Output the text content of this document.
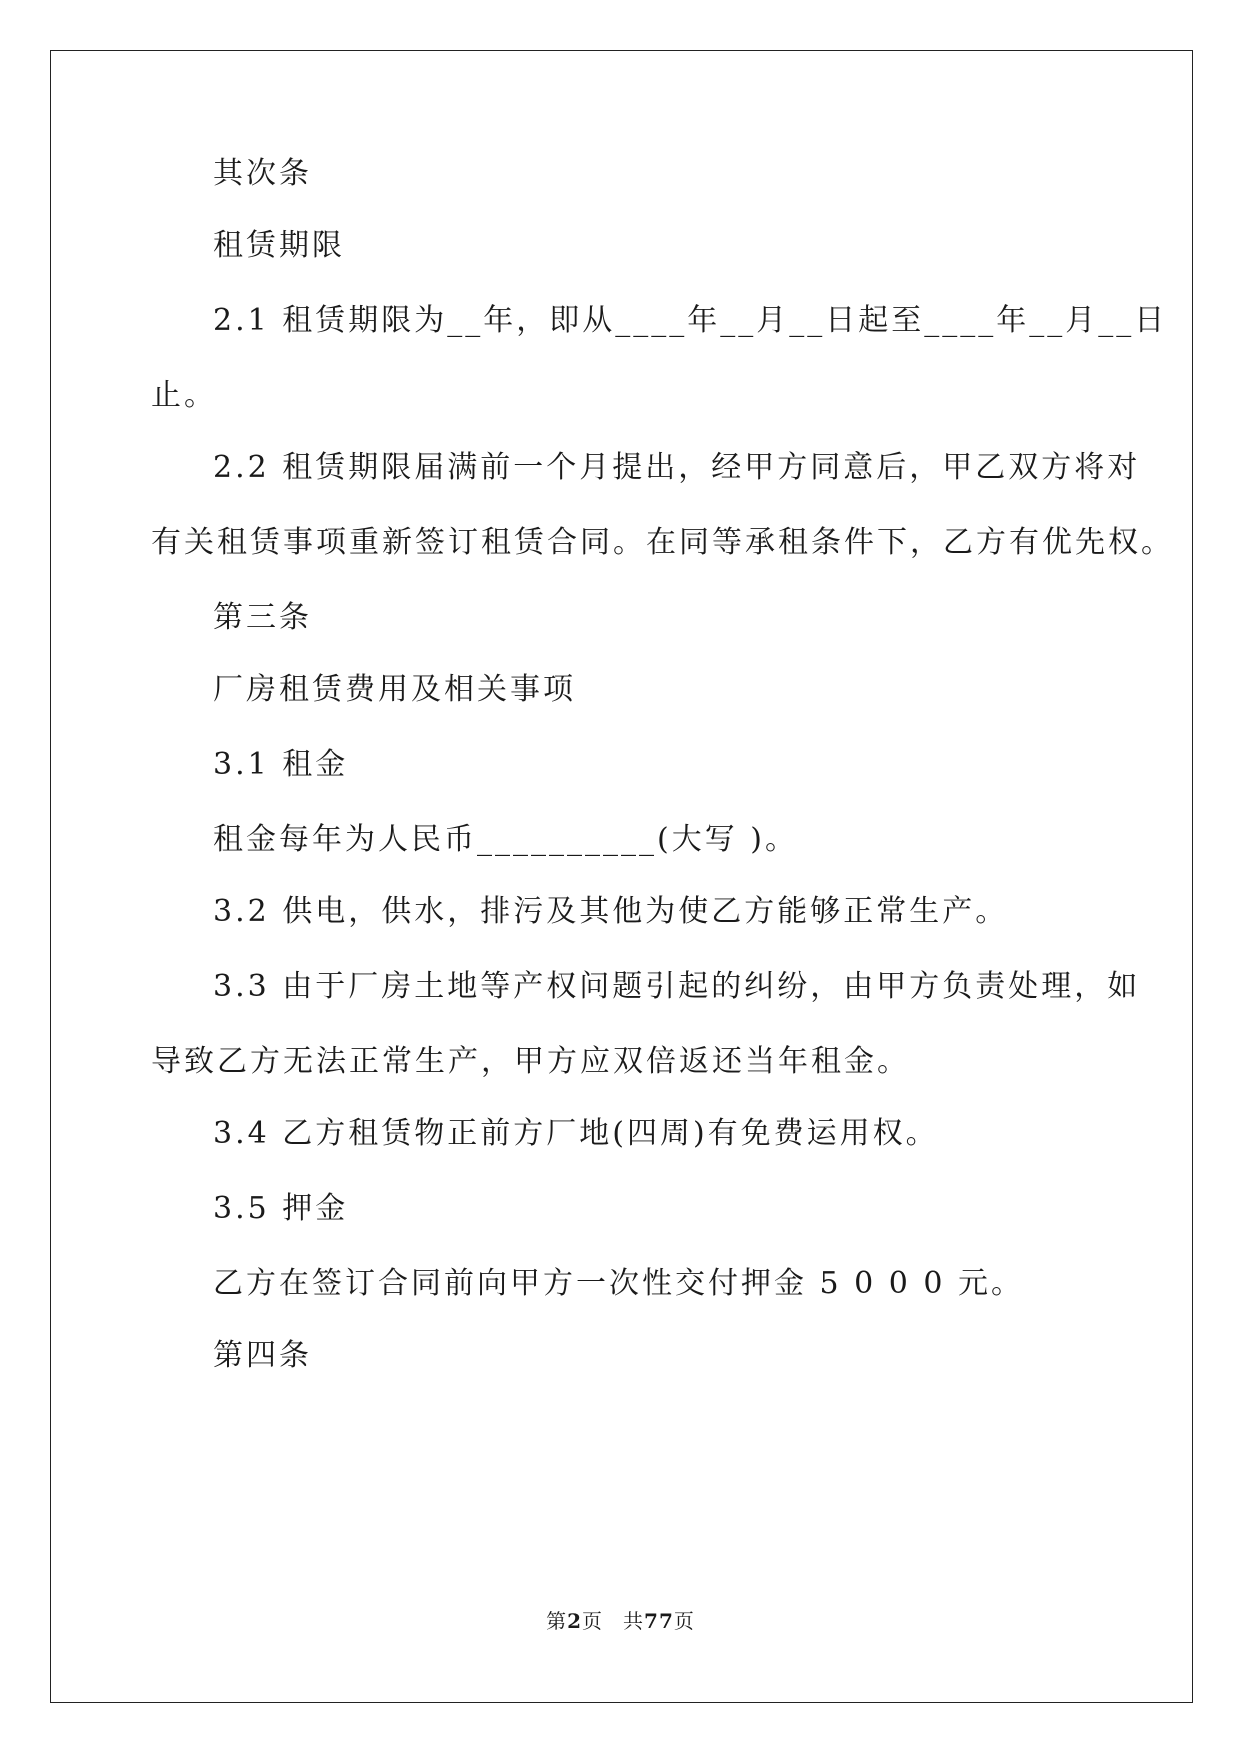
其次条
租赁期限
2.1 租赁期限为__年，即从____年__月__日起至____年__月__日
止。
2.2 租赁期限届满前一个月提出，经甲方同意后，甲乙双方将对
有关租赁事项重新签订租赁合同。在同等承租条件下，乙方有优先权。
第三条
厂房租赁费用及相关事项
3.1 租金
租金每年为人民币__________(大写 )。
3.2 供电，供水，排污及其他为使乙方能够正常生产。
3.3 由于厂房土地等产权问题引起的纠纷，由甲方负责处理，如
导致乙方无法正常生产，甲方应双倍返还当年租金。
3.4 乙方租赁物正前方厂地(四周)有免费运用权。
3.5 押金
乙方在签订合同前向甲方一次性交付押金 5 0 0 0 元。
第四条
第2页 共77页
